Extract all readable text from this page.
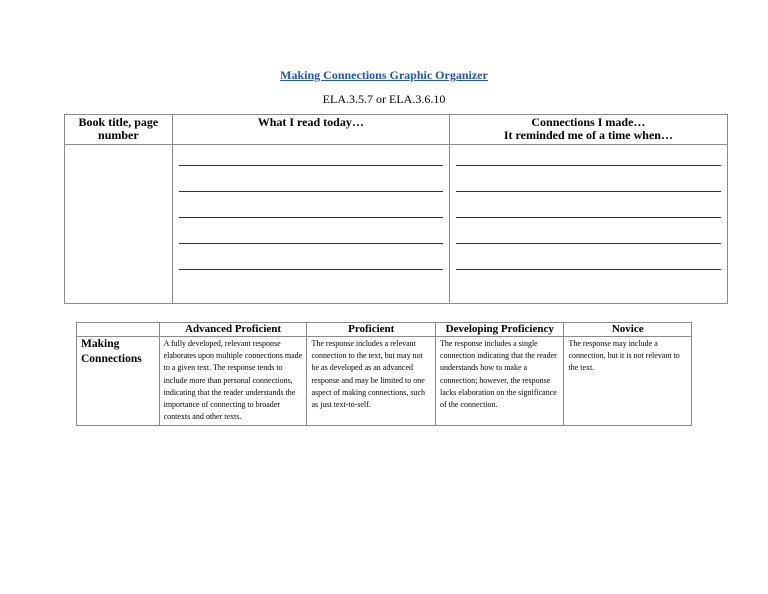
Making Connections Graphic Organizer
ELA.3.5.7 or ELA.3.6.10
Book title, page number	What I read today…	Connections I made…
It reminded me of a time when…

	Advanced Proficient	Proficient	Developing Proficiency	Novice
Making Connections	A fully developed, relevant response elaborates upon multiple connections made to a given text. The response tends to include more than personal connections, indicating that the reader understands the importance of connecting to broader contexts and other texts.	The response includes a relevant connection to the text, but may not be as developed as an advanced response and may be limited to one aspect of making connections, such as just text-to-self.	The response includes a single connection indicating that the reader understands how to make a connection; however, the response lacks elaboration on the significance of the connection.	The response may include a connection, but it is not relevant to the text.
